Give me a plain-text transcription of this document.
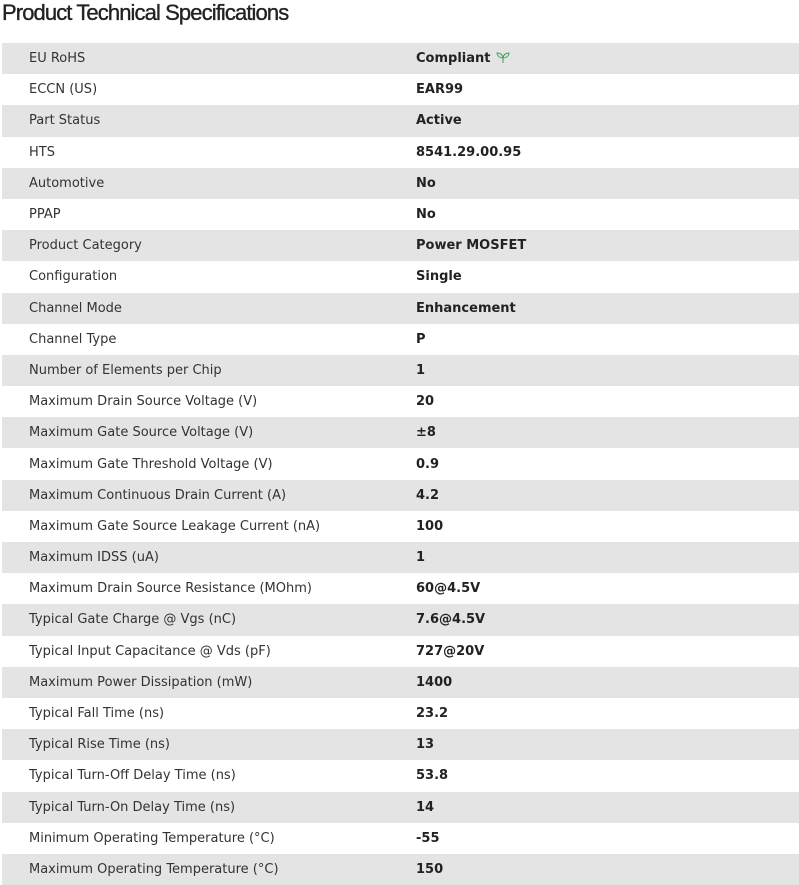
Product Technical Specifications
EU RoHS	Compliant
ECCN (US)	EAR99
Part Status	Active
HTS	8541.29.00.95
Automotive	No
PPAP	No
Product Category	Power MOSFET
Configuration	Single
Channel Mode	Enhancement
Channel Type	P
Number of Elements per Chip	1
Maximum Drain Source Voltage (V)	20
Maximum Gate Source Voltage (V)	±8
Maximum Gate Threshold Voltage (V)	0.9
Maximum Continuous Drain Current (A)	4.2
Maximum Gate Source Leakage Current (nA)	100
Maximum IDSS (uA)	1
Maximum Drain Source Resistance (MOhm)	60@4.5V
Typical Gate Charge @ Vgs (nC)	7.6@4.5V
Typical Input Capacitance @ Vds (pF)	727@20V
Maximum Power Dissipation (mW)	1400
Typical Fall Time (ns)	23.2
Typical Rise Time (ns)	13
Typical Turn-Off Delay Time (ns)	53.8
Typical Turn-On Delay Time (ns)	14
Minimum Operating Temperature (°C)	-55
Maximum Operating Temperature (°C)	150
